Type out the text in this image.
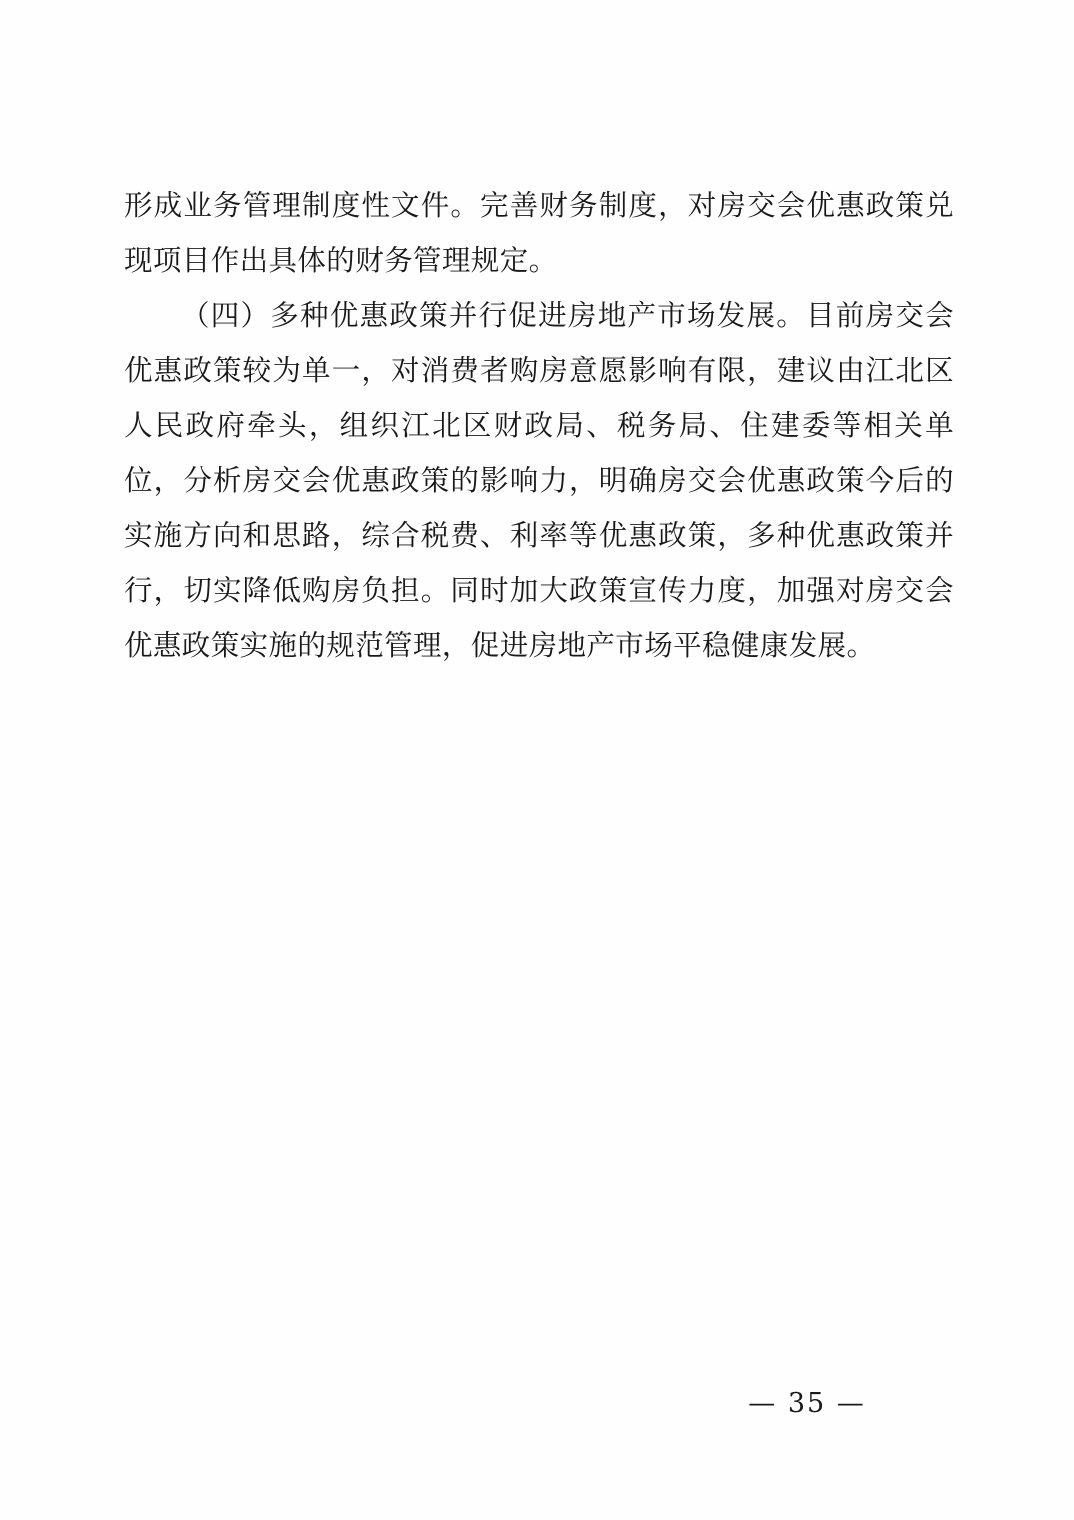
形成业务管理制度性文件。完善财务制度，对房交会优惠政策兑现项目作出具体的财务管理规定。

（四）多种优惠政策并行促进房地产市场发展。目前房交会优惠政策较为单一，对消费者购房意愿影响有限，建议由江北区人民政府牵头，组织江北区财政局、税务局、住建委等相关单位，分析房交会优惠政策的影响力，明确房交会优惠政策今后的 实施方向和思路，综合税费、利率等优惠政策，多种优惠政策并行，切实降低购房负担。同时加大政策宣传力度，加强对房交会优惠政策实施的规范管理，促进房地产市场平稳健康发展。

— 35 —
